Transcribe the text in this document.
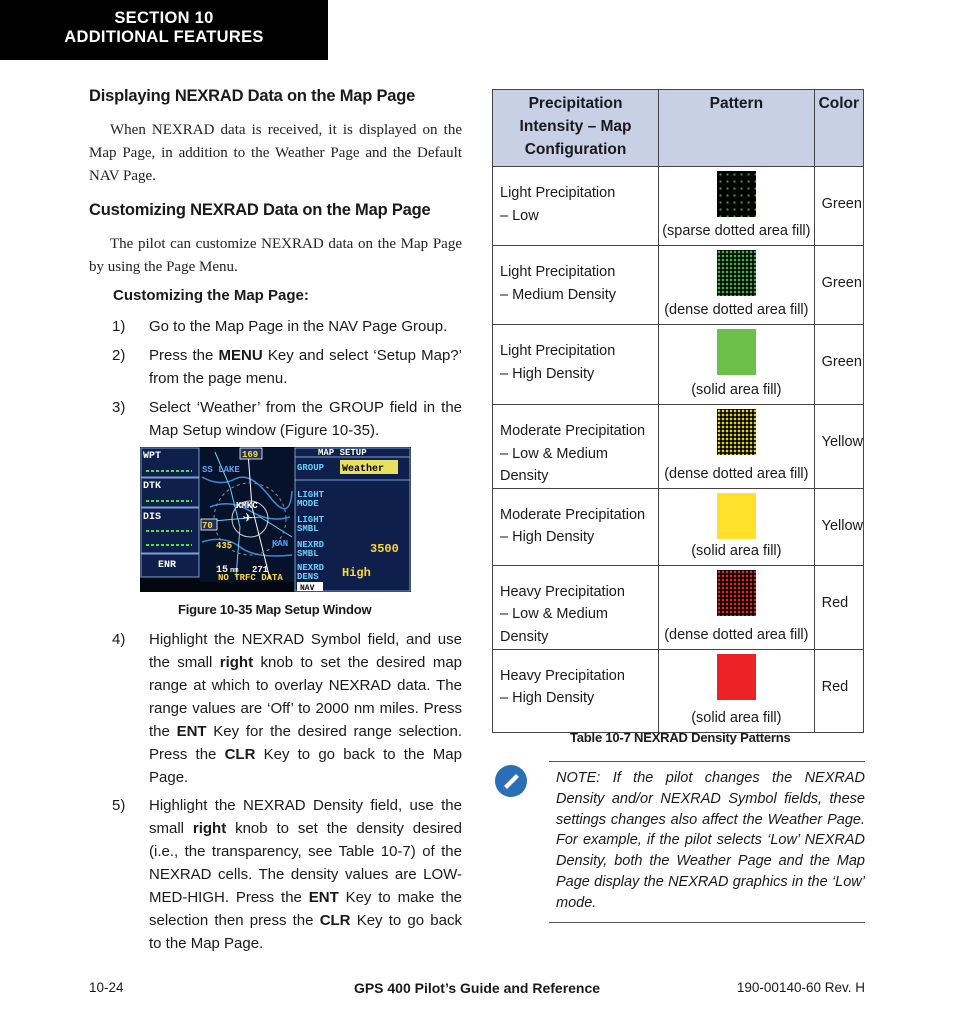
SECTION 10
ADDITIONAL FEATURES
Displaying NEXRAD Data on the Map Page
When NEXRAD data is received, it is displayed on the Map Page, in addition to the Weather Page and the Default NAV Page.
Customizing NEXRAD Data on the Map Page
The pilot can customize NEXRAD data on the Map Page by using the Page Menu.
Customizing the Map Page:
1) Go to the Map Page in the NAV Page Group.
2) Press the MENU Key and select ‘Setup Map?’ from the page menu.
3) Select ‘Weather’ from the GROUP field in the Map Setup window (Figure 10-35).
WPT
DTK
DIS
ENR
169
SS LAKE
KMKC
✈
70
435	KAN
15 nm 271
NO TRFC DATA
MAP SETUP
GROUP Weather
LIGHT
MODE
LIGHT
SMBL
NEXRD
SMBL	3500
NEXRD
DENS High
NAV
Figure 10-35 Map Setup Window
4) Highlight the NEXRAD Symbol field, and use the small right knob to set the desired map range at which to overlay NEXRAD data. The range values are ‘Off’ to 2000 nm miles. Press the ENT Key for the desired range selection. Press the CLR Key to go back to the Map Page.
5) Highlight the NEXRAD Density field, use the small right knob to set the density desired (i.e., the transparency, see Table 10-7) of the NEXRAD cells. The density values are LOW-MED-HIGH. Press the ENT Key to make the selection then press the CLR Key to go back to the Map Page.
Precipitation Intensity – Map Configuration	Pattern	Color

Light Precipitation
– Low	(sparse dotted area fill)	Green

Light Precipitation
– Medium Density	(dense dotted area fill)	Green

Light Precipitation
– High Density	(solid area fill)	Green

Moderate Precipitation
– Low & Medium
Density	(dense dotted area fill)	Yellow

Moderate Precipitation
– High Density	(solid area fill)	Yellow

Heavy Precipitation
– Low & Medium
Density	(dense dotted area fill)	Red

Heavy Precipitation
– High Density	(solid area fill)	Red
Table 10-7 NEXRAD Density Patterns
NOTE: If the pilot changes the NEXRAD Density and/or NEXRAD Symbol fields, these settings changes also affect the Weather Page. For example, if the pilot selects ‘Low’ NEXRAD Density, both the Weather Page and the Map Page display the NEXRAD graphics in the ‘Low’ mode.
10-24	GPS 400 Pilot’s Guide and Reference	190-00140-60 Rev. H
